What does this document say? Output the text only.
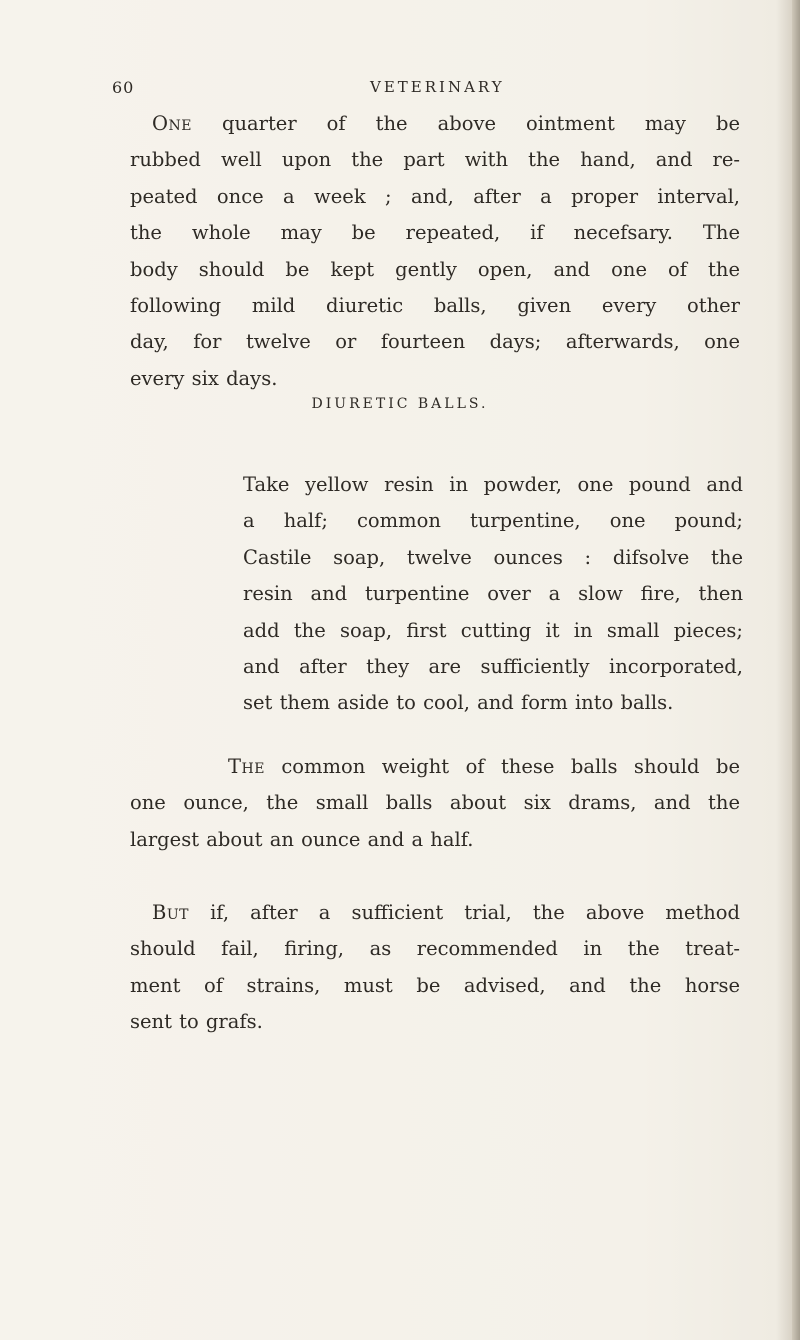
60	VETERINARY
One quarter of the above ointment may be
rubbed well upon the part with the hand, and re-
peated once a week ; and, after a proper interval,
the whole may be repeated, if necefsary. The
body should be kept gently open, and one of the
following mild diuretic balls, given every other
day, for twelve or fourteen days; afterwards, one
every six days.
DIURETIC BALLS.
Take yellow resin in powder, one pound and
a half; common turpentine, one pound;
Castile soap, twelve ounces : difsolve the
resin and turpentine over a slow fire, then
add the soap, first cutting it in small pieces;
and after they are sufficiently incorporated,
set them aside to cool, and form into balls.
The common weight of these balls should be
one ounce, the small balls about six drams, and the
largest about an ounce and a half.
But if, after a sufficient trial, the above method
should fail, firing, as recommended in the treat-
ment of strains, must be advised, and the horse
sent to grafs.
